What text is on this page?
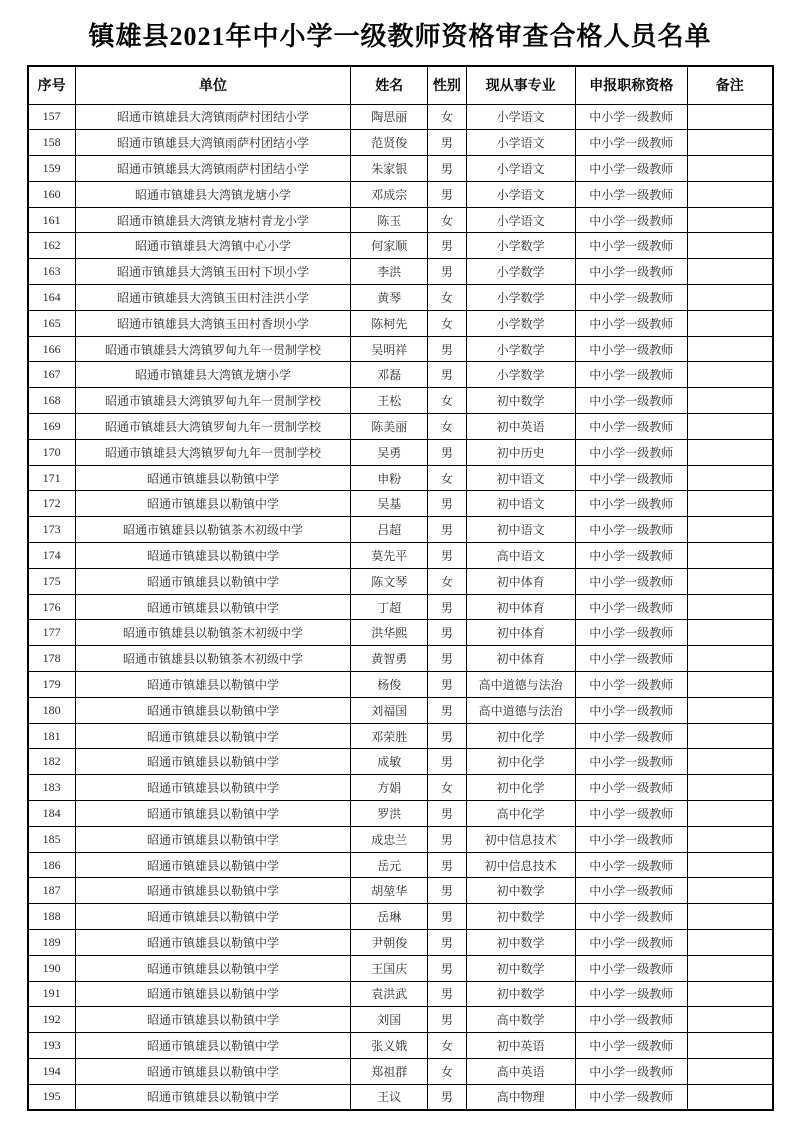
镇雄县2021年中小学一级教师资格审查合格人员名单
序号	单位	姓名	性别	现从事专业	申报职称资格	备注
157	昭通市镇雄县大湾镇雨萨村团结小学	陶思丽	女	小学语文	中小学一级教师	
158	昭通市镇雄县大湾镇雨萨村团结小学	范贤俊	男	小学语文	中小学一级教师	
159	昭通市镇雄县大湾镇雨萨村团结小学	朱家银	男	小学语文	中小学一级教师	
160	昭通市镇雄县大湾镇龙塘小学	邓成宗	男	小学语文	中小学一级教师	
161	昭通市镇雄县大湾镇龙塘村青龙小学	陈玉	女	小学语文	中小学一级教师	
162	昭通市镇雄县大湾镇中心小学	何家顺	男	小学数学	中小学一级教师	
163	昭通市镇雄县大湾镇玉田村下坝小学	李洪	男	小学数学	中小学一级教师	
164	昭通市镇雄县大湾镇玉田村洼洪小学	黄琴	女	小学数学	中小学一级教师	
165	昭通市镇雄县大湾镇玉田村香坝小学	陈柯先	女	小学数学	中小学一级教师	
166	昭通市镇雄县大湾镇罗甸九年一贯制学校	吴明祥	男	小学数学	中小学一级教师	
167	昭通市镇雄县大湾镇龙塘小学	邓磊	男	小学数学	中小学一级教师	
168	昭通市镇雄县大湾镇罗甸九年一贯制学校	王松	女	初中数学	中小学一级教师	
169	昭通市镇雄县大湾镇罗甸九年一贯制学校	陈美丽	女	初中英语	中小学一级教师	
170	昭通市镇雄县大湾镇罗甸九年一贯制学校	吴勇	男	初中历史	中小学一级教师	
171	昭通市镇雄县以勒镇中学	申粉	女	初中语文	中小学一级教师	
172	昭通市镇雄县以勒镇中学	吴基	男	初中语文	中小学一级教师	
173	昭通市镇雄县以勒镇茶木初级中学	吕超	男	初中语文	中小学一级教师	
174	昭通市镇雄县以勒镇中学	莫先平	男	高中语文	中小学一级教师	
175	昭通市镇雄县以勒镇中学	陈文琴	女	初中体育	中小学一级教师	
176	昭通市镇雄县以勒镇中学	丁超	男	初中体育	中小学一级教师	
177	昭通市镇雄县以勒镇茶木初级中学	洪华熙	男	初中体育	中小学一级教师	
178	昭通市镇雄县以勒镇茶木初级中学	黄智勇	男	初中体育	中小学一级教师	
179	昭通市镇雄县以勒镇中学	杨俊	男	高中道德与法治	中小学一级教师	
180	昭通市镇雄县以勒镇中学	刘福国	男	高中道德与法治	中小学一级教师	
181	昭通市镇雄县以勒镇中学	邓荣胜	男	初中化学	中小学一级教师	
182	昭通市镇雄县以勒镇中学	成敏	男	初中化学	中小学一级教师	
183	昭通市镇雄县以勒镇中学	方娟	女	初中化学	中小学一级教师	
184	昭通市镇雄县以勒镇中学	罗洪	男	高中化学	中小学一级教师	
185	昭通市镇雄县以勒镇中学	成忠兰	男	初中信息技术	中小学一级教师	
186	昭通市镇雄县以勒镇中学	岳元	男	初中信息技术	中小学一级教师	
187	昭通市镇雄县以勒镇中学	胡堃华	男	初中数学	中小学一级教师	
188	昭通市镇雄县以勒镇中学	岳琳	男	初中数学	中小学一级教师	
189	昭通市镇雄县以勒镇中学	尹朝俊	男	初中数学	中小学一级教师	
190	昭通市镇雄县以勒镇中学	王国庆	男	初中数学	中小学一级教师	
191	昭通市镇雄县以勒镇中学	袁洪武	男	初中数学	中小学一级教师	
192	昭通市镇雄县以勒镇中学	刘国	男	高中数学	中小学一级教师	
193	昭通市镇雄县以勒镇中学	张义娥	女	初中英语	中小学一级教师	
194	昭通市镇雄县以勒镇中学	郑祖群	女	高中英语	中小学一级教师	
195	昭通市镇雄县以勒镇中学	王议	男	高中物理	中小学一级教师	
